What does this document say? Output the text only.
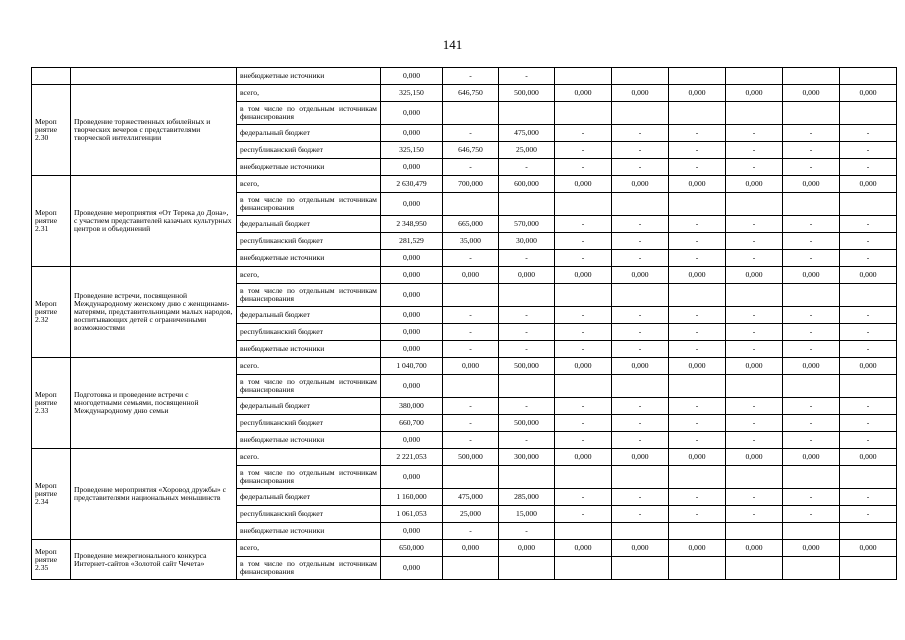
141
		внебюджетные источники	0,000	-	-						
Мероп риятие 2.30	Проведение торжественных юбилейных и творческих вечеров с представителями творческой интеллигенции	всего,	325,150	646,750	500,000	0,000	0,000	0,000	0,000	0,000	0,000
		в том числе по отдельным источникам финансирования	0,000								
		федеральный бюджет	0,000	-	475,000	-	-	-	-	-	-
		республиканский бюджет	325,150	646,750	25,000	-	-	-	-	-	-
		внебюджетные источники	0,000	-	-	-	-	-	-	-	-
Мероп риятие 2.31	Проведение мероприятия «От Терека до Дона», с участием представителей казачьих культурных центров и объединений	всего,	2 630,479	700,000	600,000	0,000	0,000	0,000	0,000	0,000	0,000
		в том числе по отдельным источникам финансирования	0,000								
		федеральный бюджет	2 348,950	665,000	570,000	-	-	-	-	-	-
		республиканский бюджет	281,529	35,000	30,000	-	-	-	-	-	-
		внебюджетные источники	0,000	-	-	-	-	-	-	-	-
Мероп риятие 2.32	Проведение встречи, посвященной Международному женскому дню с женщинами-матерями, представительницами малых народов, воспитывающих детей с ограниченными возможностями	всего,	0,000	0,000	0,000	0,000	0,000	0,000	0,000	0,000	0,000
		в том числе по отдельным источникам финансирования	0,000								
		федеральный бюджет	0,000	-	-	-	-	-	-	-	-
		республиканский бюджет	0,000	-	-	-	-	-	-	-	-
		внебюджетные источники	0,000	-	-	-	-	-	-	-	-
Мероп риятие 2.33	Подготовка и проведение встречи с многодетными семьями, посвященной Международному дню семьи	всего.	1 040,700	0,000	500,000	0,000	0,000	0,000	0,000	0,000	0,000
		в том числе по отдельным источникам финансирования	0,000								
		федеральный бюджет	380,000	-	-	-	-	-	-	-	-
		республиканский бюджет	660,700	-	500,000	-	-	-	-	-	-
		внебюджетные источники	0,000	-	-	-	-	-	-	-	-
Мероп риятие 2.34	Проведение мероприятия «Хоровод дружбы» с представителями национальных меньшинств	всего.	2 221,053	500,000	300,000	0,000	0,000	0,000	0,000	0,000	0,000
		в том числе по отдельным источникам финансирования	0,000								
		федеральный бюджет	1 160,000	475,000	285,000	-	-	-	-	-	-
		республиканский бюджет	1 061,053	25,000	15,000	-	-	-	-	-	-
		внебюджетные источники	0,000	-	-						
Мероп риятие 2.35	Проведение межрегионального конкурса Интернет-сайтов «Золотой сайт Чечета»	всего,	650,000	0,000	0,000	0,000	0,000	0,000	0,000	0,000	0,000
		в том числе по отдельным источникам финансирования	0,000								
